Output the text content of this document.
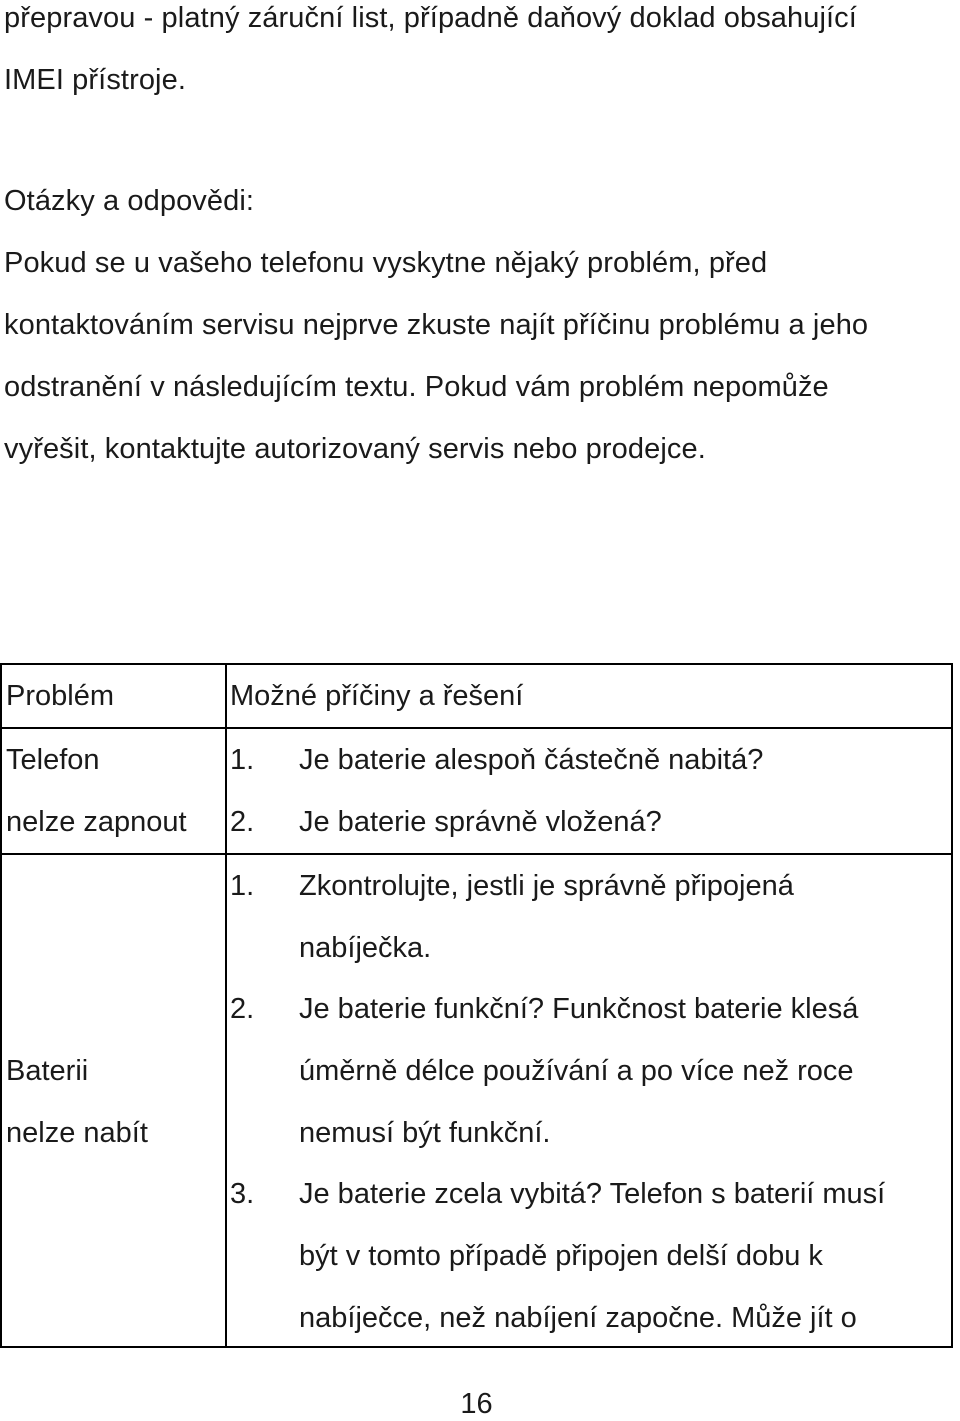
přepravou - platný záruční list, případně daňový doklad obsahující
IMEI přístroje.
Otázky a odpovědi:
Pokud se u vašeho telefonu vyskytne nějaký problém, před
kontaktováním servisu nejprve zkuste najít příčinu problému a jeho
odstranění v následujícím textu. Pokud vám problém nepomůže
vyřešit, kontaktujte autorizovaný servis nebo prodejce.
Problém	Možné příčiny a řešení
Telefon
nelze zapnout
1. Je baterie alespoň částečně nabitá?
2. Je baterie správně vložená?
Baterii
nelze nabít
1. Zkontrolujte, jestli je správně připojená
nabíječka.
2. Je baterie funkční? Funkčnost baterie klesá
úměrně délce používání a po více než roce
nemusí být funkční.
3. Je baterie zcela vybitá? Telefon s baterií musí
být v tomto případě připojen delší dobu k
nabíječce, než nabíjení započne. Může jít o
16
